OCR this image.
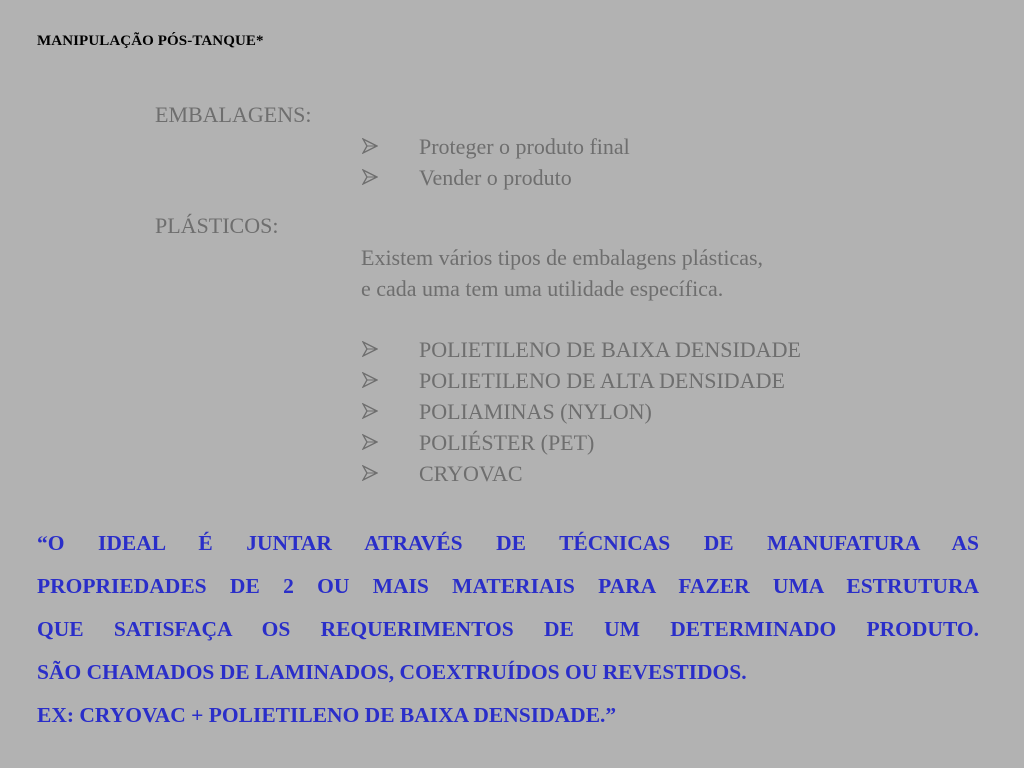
MANIPULAÇÃO PÓS-TANQUE*
EMBALAGENS:
Proteger o produto final
Vender o produto
PLÁSTICOS:
Existem vários tipos de embalagens plásticas,
e cada uma tem uma utilidade específica.
POLIETILENO DE BAIXA DENSIDADE
POLIETILENO DE ALTA DENSIDADE
POLIAMINAS (NYLON)
POLIÉSTER (PET)
CRYOVAC
“O IDEAL É JUNTAR ATRAVÉS DE TÉCNICAS DE MANUFATURA AS
PROPRIEDADES DE 2 OU MAIS MATERIAIS PARA FAZER UMA ESTRUTURA
QUE SATISFAÇA OS REQUERIMENTOS DE UM DETERMINADO PRODUTO.
SÃO CHAMADOS DE LAMINADOS, COEXTRUÍDOS OU REVESTIDOS.
EX: CRYOVAC + POLIETILENO DE BAIXA DENSIDADE.”
